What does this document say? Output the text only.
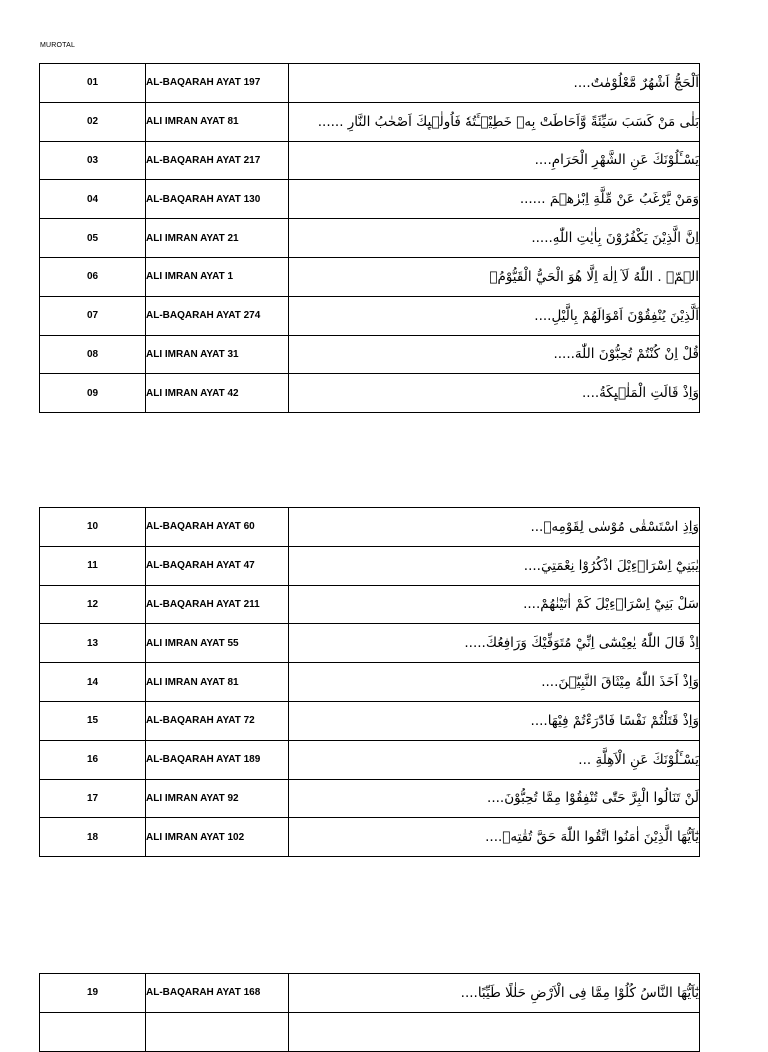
MUROTAL
01	AL-BAQARAH AYAT 197	اَلْحَجُّ اَشْهُرٌ مَّعْلُوْمٰتٌ....
02	ALI IMRAN AYAT 81	بَلٰى مَنْ كَسَبَ سَيِّئَةً وَّاَحَاطَتْ بِهٖ خَطِيْۤـَٔتُهٗ فَاُولٰۤىِٕكَ اَصْحٰبُ النَّارِ ......
03	AL-BAQARAH AYAT 217	يَسْـَٔلُوْنَكَ عَنِ الشَّهْرِ الْحَرَامِ....
04	AL-BAQARAH AYAT 130	وَمَنْ يَّرْغَبُ عَنْ مِّلَّةِ اِبْرٰهٖمَ ......
05	ALI IMRAN AYAT 21	اِنَّ الَّذِيْنَ يَكْفُرُوْنَ بِاٰيٰتِ اللّٰهِ.....
06	ALI IMRAN AYAT 1	الۤمّۤ . اللّٰهُ لَآ اِلٰهَ اِلَّا هُوَ الْحَيُّ الْقَيُّوْمُۗ
07	AL-BAQARAH AYAT 274	اَلَّذِيْنَ يُنْفِقُوْنَ اَمْوَالَهُمْ بِالَّيْلِ....
08	ALI IMRAN AYAT 31	قُلْ اِنْ كُنْتُمْ تُحِبُّوْنَ اللّٰهَ.....
09	ALI IMRAN AYAT 42	وَاِذْ قَالَتِ الْمَلٰۤىِٕكَةُ....
10	AL-BAQARAH AYAT 60	وَاِذِ اسْتَسْقٰى مُوْسٰى لِقَوْمِهٖ...
11	AL-BAQARAH AYAT 47	يٰبَنِيْٓ اِسْرَاۤءِيْلَ اذْكُرُوْا نِعْمَتِيَ....
12	AL-BAQARAH AYAT 211	سَلْ بَنِيْٓ اِسْرَاۤءِيْلَ كَمْ اٰتَيْنٰهُمْ....
13	ALI IMRAN AYAT 55	اِذْ قَالَ اللّٰهُ يٰعِيْسٰٓى اِنِّيْ مُتَوَفِّيْكَ وَرَافِعُكَ.....
14	ALI IMRAN AYAT 81	وَاِذْ اَخَذَ اللّٰهُ مِيْثَاقَ النَّبِيّٖنَ....
15	AL-BAQARAH AYAT 72	وَاِذْ قَتَلْتُمْ نَفْسًا فَادّٰرَءْتُمْ فِيْهَا....
16	AL-BAQARAH AYAT 189	يَسْـَٔلُوْنَكَ عَنِ الْاَهِلَّةِ ...
17	ALI IMRAN AYAT 92	لَنْ تَنَالُوا الْبِرَّ حَتّٰى تُنْفِقُوْا مِمَّا تُحِبُّوْنَ....
18	ALI IMRAN AYAT 102	يٰٓاَيُّهَا الَّذِيْنَ اٰمَنُوا اتَّقُوا اللّٰهَ حَقَّ تُقٰتِهٖ....
19	AL-BAQARAH AYAT 168	يٰٓاَيُّهَا النَّاسُ كُلُوْا مِمَّا فِى الْاَرْضِ حَلٰلًا طَيِّبًا....
